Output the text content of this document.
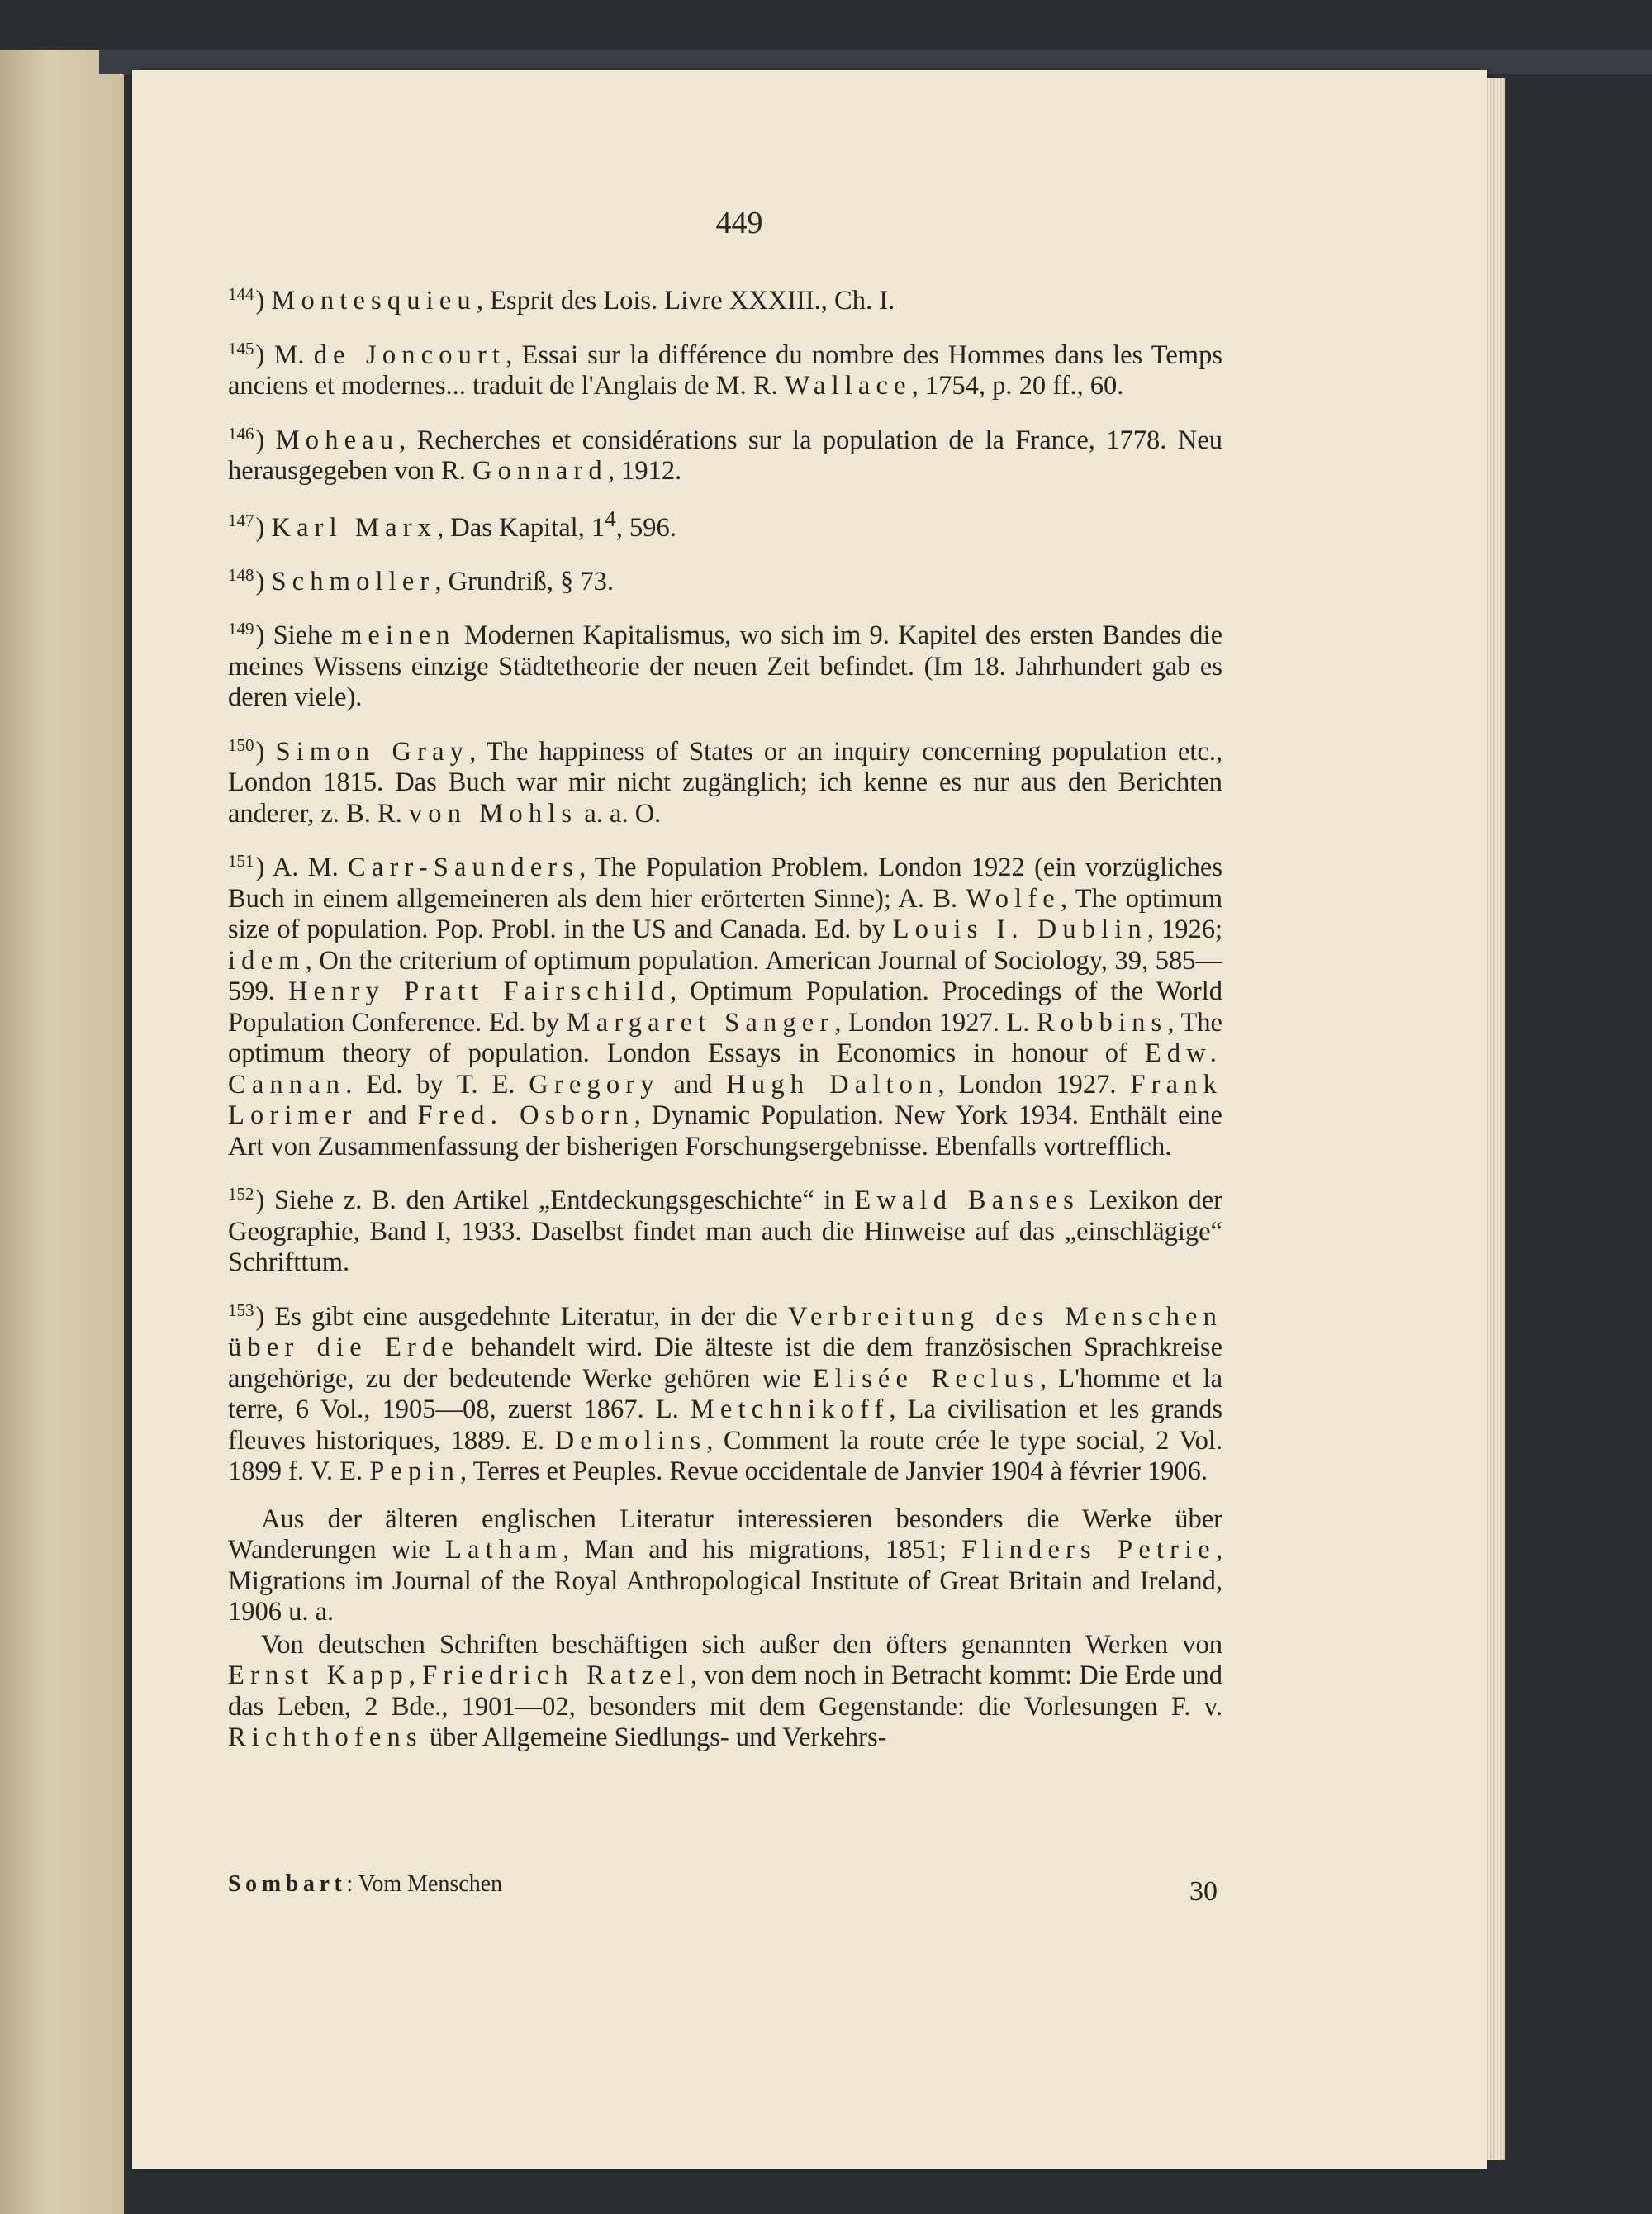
449

$^{144}$) Montesquieu, Esprit des Lois. Livre XXXIII., Ch. I.

$^{145}$) M. de Joncourt, Essai sur la différence du nombre des Hommes dans les Temps anciens et modernes... traduit de l'Anglais de M. R. Wallace, 1754, p. 20 ff., 60.

$^{146}$) Moheau, Recherches et considérations sur la population de la France, 1778. Neu herausgegeben von R. Gonnard, 1912.

$^{147}$) Karl Marx, Das Kapital, $1^4$, 596.

$^{148}$) Schmoller, Grundriß, § 73.

$^{149}$) Siehe meinen Modernen Kapitalismus, wo sich im 9. Kapitel des ersten Bandes die meines Wissens einzige Städtetheorie der neuen Zeit befindet. (Im 18. Jahrhundert gab es deren viele).

$^{150}$) Simon Gray, The happiness of States or an inquiry concerning population etc., London 1815. Das Buch war mir nicht zugänglich; ich kenne es nur aus den Berichten anderer, z. B. R. von Mohls a. a. O.

$^{151}$) A. M. Carr-Saunders, The Population Problem. London 1922 (ein vorzügliches Buch in einem allgemeineren als dem hier erörterten Sinne); A. B. Wolfe, The optimum size of population. Pop. Probl. in the US and Canada. Ed. by Louis I. Dublin, 1926; idem, On the criterium of optimum population. American Journal of Sociology, 39, 585—599. Henry Pratt Fairschild, Optimum Population. Procedings of the World Population Conference. Ed. by Margaret Sanger, London 1927. L. Robbins, The optimum theory of population. London Essays in Economics in honour of Edw. Cannan. Ed. by T. E. Gregory and Hugh Dalton, London 1927. Frank Lorimer and Fred. Osborn, Dynamic Population. New York 1934. Enthält eine Art von Zusammenfassung der bisherigen Forschungsergebnisse. Ebenfalls vortrefflich.

$^{152}$) Siehe z. B. den Artikel „Entdeckungsgeschichte“ in Ewald Banses Lexikon der Geographie, Band I, 1933. Daselbst findet man auch die Hinweise auf das „einschlägige“ Schrifttum.

$^{153}$) Es gibt eine ausgedehnte Literatur, in der die Verbreitung des Menschen über die Erde behandelt wird. Die älteste ist die dem französischen Sprachkreise angehörige, zu der bedeutende Werke gehören wie Elisée Reclus, L'homme et la terre, 6 Vol., 1905—08, zuerst 1867. L. Metchnikoff, La civilisation et les grands fleuves historiques, 1889. E. Demolins, Comment la route crée le type social, 2 Vol. 1899 f. V. E. Pepin, Terres et Peuples. Revue occidentale de Janvier 1904 à février 1906.

Aus der älteren englischen Literatur interessieren besonders die Werke über Wanderungen wie Latham, Man and his migrations, 1851; Flinders Petrie, Migrations im Journal of the Royal Anthropological Institute of Great Britain and Ireland, 1906 u. a.

Von deutschen Schriften beschäftigen sich außer den öfters genannten Werken von Ernst Kapp, Friedrich Ratzel, von dem noch in Betracht kommt: Die Erde und das Leben, 2 Bde., 1901—02, besonders mit dem Gegenstande: die Vorlesungen F. v. Richthofens über Allgemeine Siedlungs- und Verkehrs-

Sombart: Vom Menschen	30
